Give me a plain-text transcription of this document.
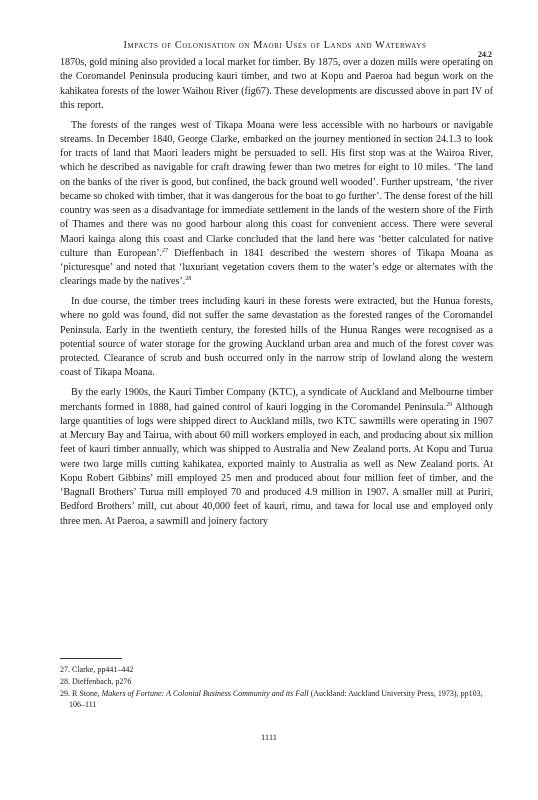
Impacts of Colonisation on Maori Uses of Lands and Waterways
24.2

1870s, gold mining also provided a local market for timber. By 1875, over a dozen mills were operating on the Coromandel Peninsula producing kauri timber, and two at Kopu and Paeroa had begun work on the kahikatea forests of the lower Waihou River (fig67). These developments are discussed above in part IV of this report.

The forests of the ranges west of Tikapa Moana were less accessible with no harbours or navigable streams. In December 1840, George Clarke, embarked on the journey mentioned in section 24.1.3 to look for tracts of land that Maori leaders might be persuaded to sell. His first stop was at the Wairoa River, which he described as navigable for craft drawing fewer than two metres for eight to 10 miles. ‘The land on the banks of the river is good, but confined, the back ground well wooded’. Further upstream, ‘the river became so choked with timber, that it was dangerous for the boat to go further’. The dense forest of the hill country was seen as a disadvantage for immediate settlement in the lands of the western shore of the Firth of Thames and there was no good harbour along this coast for convenient access. There were several Maori kainga along this coast and Clarke concluded that the land here was ‘better calculated for native culture than European’.$^{27}$ Dieffenbach in 1841 described the western shores of Tikapa Moana as ‘picturesque’ and noted that ‘luxuriant vegetation covers them to the water’s edge or alternates with the clearings made by the natives’.$^{28}$

In due course, the timber trees including kauri in these forests were extracted, but the Hunua forests, where no gold was found, did not suffer the same devastation as the forested ranges of the Coromandel Peninsula. Early in the twentieth century, the forested hills of the Hunua Ranges were recognised as a potential source of water storage for the growing Auckland urban area and much of the forest cover was protected. Clearance of scrub and bush occurred only in the narrow strip of lowland along the western coast of Tikapa Moana.

By the early 1900s, the Kauri Timber Company (KTC), a syndicate of Auckland and Melbourne timber merchants formed in 1888, had gained control of kauri logging in the Coromandel Peninsula.$^{29}$ Although large quantities of logs were shipped direct to Auckland mills, two KTC sawmills were operating in 1907 at Mercury Bay and Tairua, with about 60 mill workers employed in each, and producing about six million feet of kauri timber annually, which was shipped to Australia and New Zealand ports. At Kopu and Turua were two large mills cutting kahikatea, exported mainly to Australia as well as New Zealand ports. At Kopu Robert Gibbins’ mill employed 25 men and produced about four million feet of timber, and the ‘Bagnall Brothers’ Turua mill employed 70 and produced 4.9 million in 1907. A smaller mill at Puriri, Bedford Brothers’ mill, cut about 40,000 feet of kauri, rimu, and tawa for local use and employed only three men. At Paeroa, a sawmill and joinery factory

27. Clarke, pp441–442

28. Dieffenbach, p276

29. R Stone, Makers of Fortune: A Colonial Business Community and its Fall (Auckland: Auckland University Press, 1973), pp103, 106–111

1111
